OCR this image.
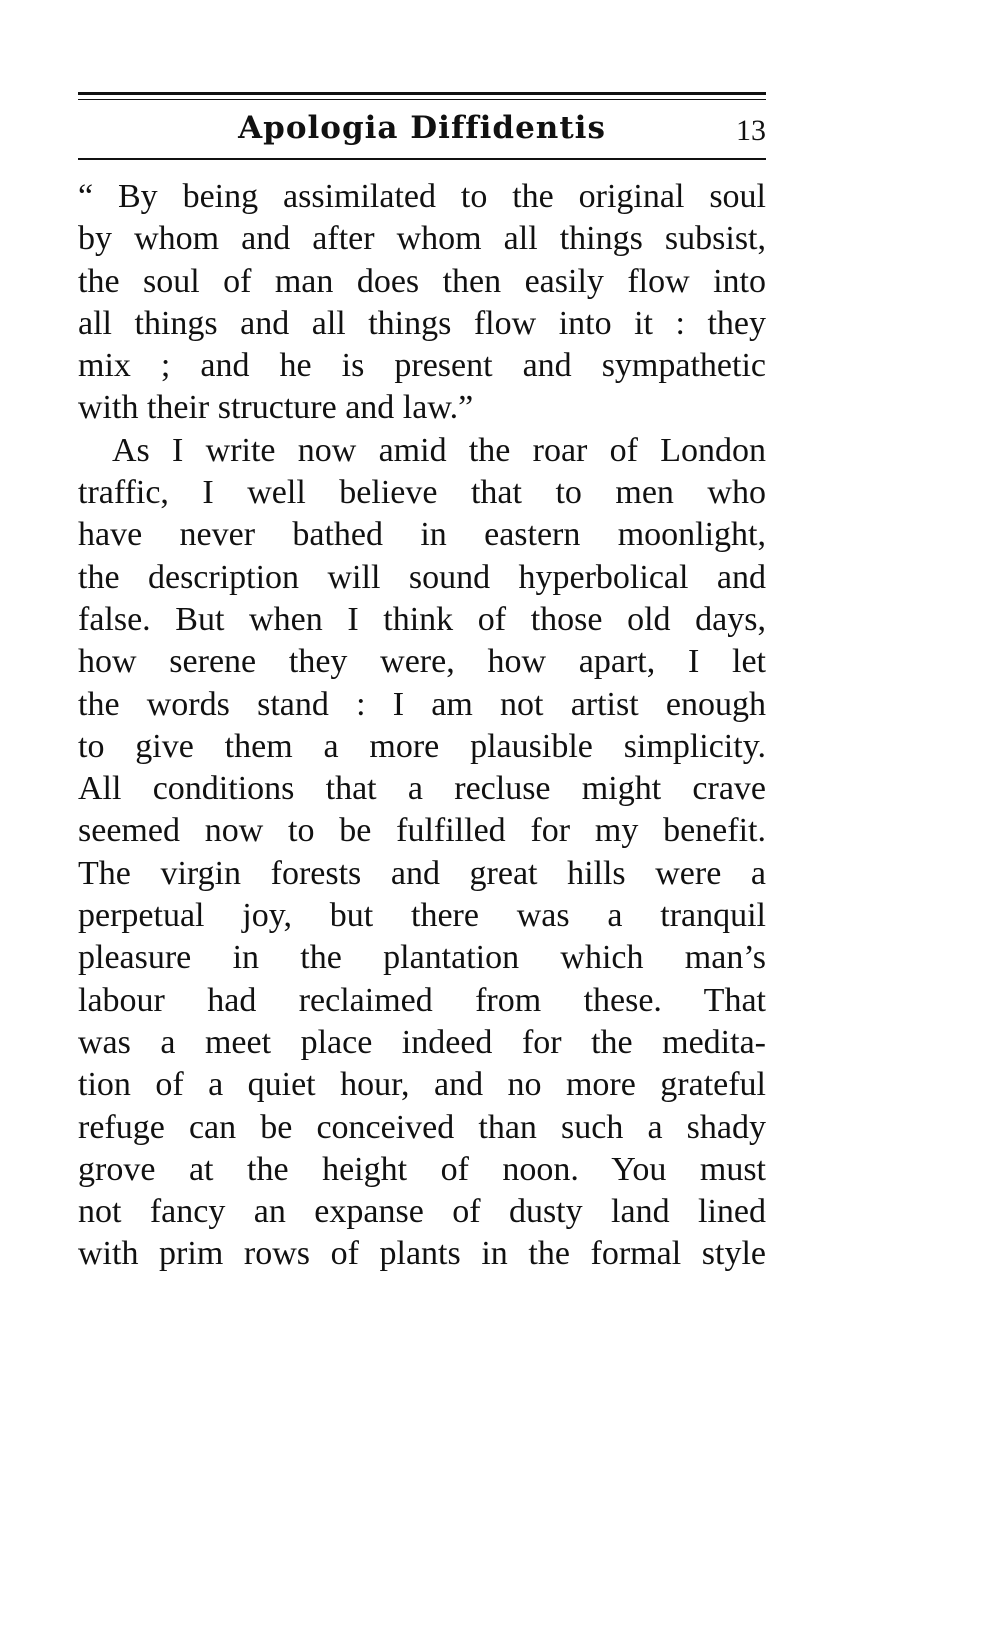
Apologia Diffidentis	13
“ By being assimilated to the original soul
by whom and after whom all things subsist,
the soul of man does then easily flow into
all things and all things flow into it : they
mix ; and he is present and sympathetic
with their structure and law.”
As I write now amid the roar of London
traffic, I well believe that to men who
have never bathed in eastern moonlight,
the description will sound hyperbolical and
false. But when I think of those old days,
how serene they were, how apart, I let
the words stand : I am not artist enough
to give them a more plausible simplicity.
All conditions that a recluse might crave
seemed now to be fulfilled for my benefit.
The virgin forests and great hills were a
perpetual joy, but there was a tranquil
pleasure in the plantation which man’s
labour had reclaimed from these. That
was a meet place indeed for the medita-
tion of a quiet hour, and no more grateful
refuge can be conceived than such a shady
grove at the height of noon. You must
not fancy an expanse of dusty land lined
with prim rows of plants in the formal style
